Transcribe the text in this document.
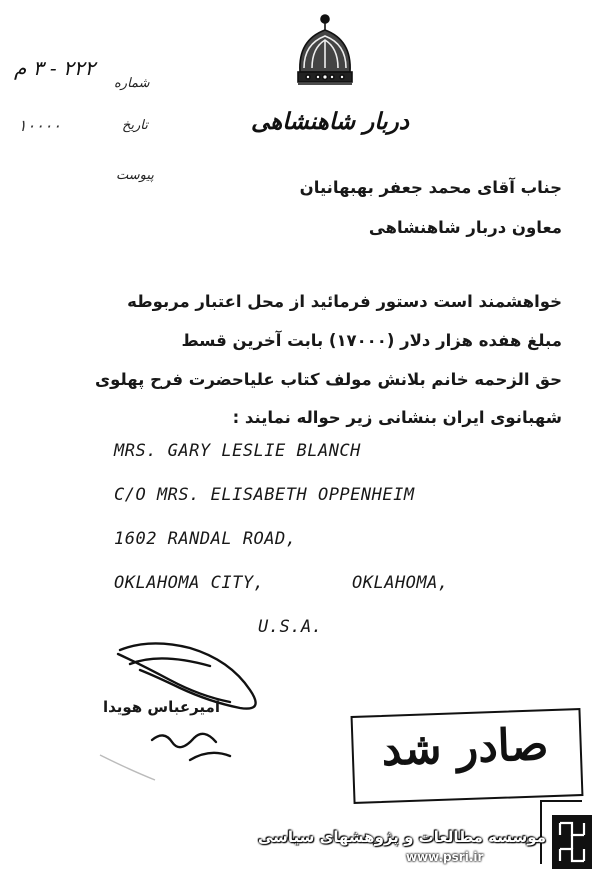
دربار شاهنشاهی
شماره
۲۲۲ - ۳ م
تاریخ
۱۰۰۰۰
پیوست
جناب آقای محمد جعفر بهبهانیان
معاون دربار شاهنشاهی
خواهشمند است دستور فرمائید از محل اعتبار مربوطه
مبلغ هفده هزار دلار (۱۷۰۰۰) بابت آخرین قسط
حق الزحمه خانم بلانش مولف کتاب علیاحضرت فرح پهلوی
شهبانوی ایران بنشانی زیر حواله نمایند :
MRS. GARY LESLIE BLANCH
C/O MRS. ELISABETH OPPENHEIM
1602 RANDAL ROAD,
OKLAHOMA CITY,	OKLAHOMA,
U.S.A.
امیرعباس هویدا
صادر شد
موسسه مطالعات و پژوهشهای سیاسی
www.psri.ir
